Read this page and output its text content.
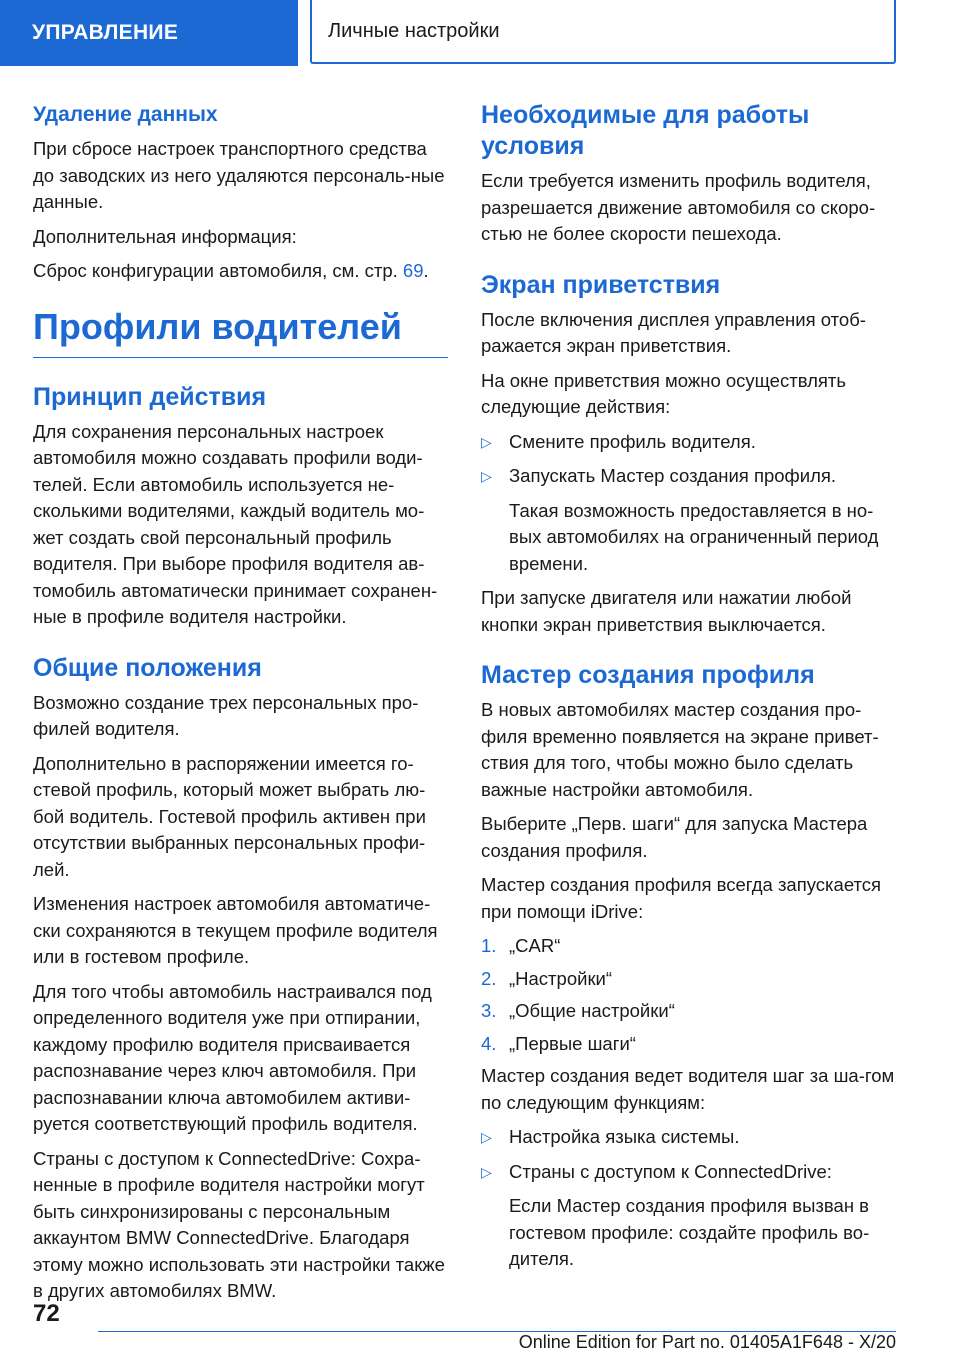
УПРАВЛЕНИЕ	Личные настройки
Удаление данных

При сбросе настроек транспортного средства до заводских из него удаляются персональ-ные данные.

Дополнительная информация:

Сброс конфигурации автомобиля, см. стр. 69.

Профили водителей
Принцип действия

Для сохранения персональных настроек автомобиля можно создавать профили води-телей. Если автомобиль используется не-сколькими водителями, каждый водитель мо-жет создать свой персональный профиль водителя. При выборе профиля водителя ав-томобиль автоматически принимает сохранен-ные в профиле водителя настройки.

Общие положения

Возможно создание трех персональных про-филей водителя.

Дополнительно в распоряжении имеется го-стевой профиль, который может выбрать лю-бой водитель. Гостевой профиль активен при отсутствии выбранных персональных профи-лей.

Изменения настроек автомобиля автоматиче-ски сохраняются в текущем профиле водителя или в гостевом профиле.

Для того чтобы автомобиль настраивался под определенного водителя уже при отпирании, каждому профилю водителя присваивается распознавание через ключ автомобиля. При распознавании ключа автомобилем активи-руется соответствующий профиль водителя.

Страны с доступом к ConnectedDrive: Сохра-ненные в профиле водителя настройки могут быть синхронизированы с персональным аккаунтом BMW ConnectedDrive. Благодаря этому можно использовать эти настройки также в других автомобилях BMW.

Необходимые для работы условия

Если требуется изменить профиль водителя, разрешается движение автомобиля со скоро-стью не более скорости пешехода.

Экран приветствия

После включения дисплея управления отоб-ражается экран приветствия.

На окне приветствия можно осуществлять следующие действия:

▷ Смените профиль водителя.
▷ Запускать Мастер создания профиля.

Такая возможность предоставляется в но-вых автомобилях на ограниченный период времени.

При запуске двигателя или нажатии любой кнопки экран приветствия выключается.

Мастер создания профиля

В новых автомобилях мастер создания про-филя временно появляется на экране привет-ствия для того, чтобы можно было сделать важные настройки автомобиля.

Выберите „Перв. шаги“ для запуска Мастера создания профиля.

Мастер создания профиля всегда запускается при помощи iDrive:

1. „CAR“
2. „Настройки“
3. „Общие настройки“
4. „Первые шаги“

Мастер создания ведет водителя шаг за ша-гом по следующим функциям:

▷ Настройка языка системы.
▷ Страны с доступом к ConnectedDrive:

Если Мастер создания профиля вызван в гостевом профиле: создайте профиль во-дителя.

72
Online Edition for Part no. 01405A1F648 - X/20
